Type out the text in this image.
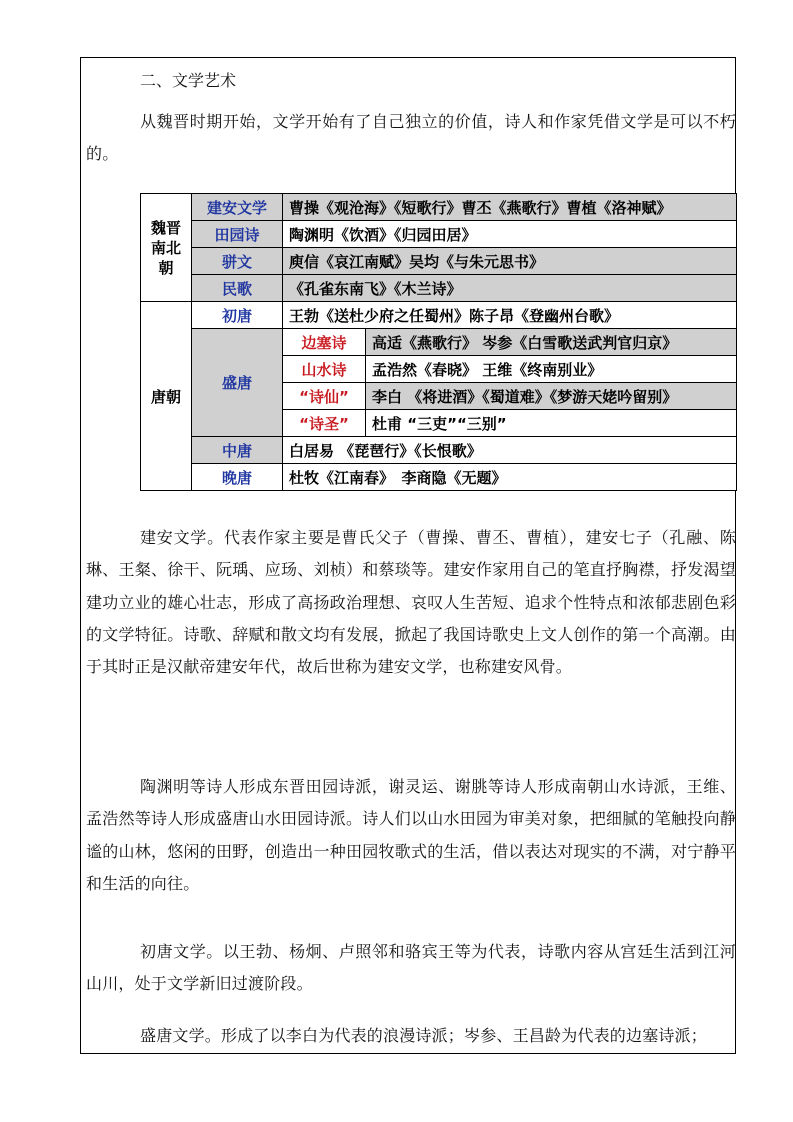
二、文学艺术
从魏晋时期开始，文学开始有了自己独立的价值，诗人和作家凭借文学是可以不朽的。
魏晋
南北
朝	建安文学	曹操《观沧海》《短歌行》曹丕《燕歌行》曹植《洛神赋》	
	田园诗	陶渊明《饮酒》《归园田居》	
	骈文	庾信《哀江南赋》吴均《与朱元思书》	
	民歌	《孔雀东南飞》《木兰诗》	
唐朝	初唐	王勃《送杜少府之任蜀州》陈子昂《登幽州台歌》	
	盛唐	边塞诗	高适《燕歌行》 岑参《白雪歌送武判官归京》
		山水诗	孟浩然《春晓》 王维《终南别业》
		“诗仙”	李白 《将进酒》《蜀道难》《梦游天姥吟留别》
		“诗圣”	杜甫 “三吏”“三别”
	中唐	白居易 《琵琶行》《长恨歌》	
	晚唐	杜牧《江南春》　李商隐《无题》	
建安文学。代表作家主要是曹氏父子（曹操、曹丕、曹植），建安七子（孔融、陈琳、王粲、徐干、阮瑀、应玚、刘桢）和蔡琰等。建安作家用自己的笔直抒胸襟，抒发渴望建功立业的雄心壮志，形成了高扬政治理想、哀叹人生苦短、追求个性特点和浓郁悲剧色彩的文学特征。诗歌、辞赋和散文均有发展，掀起了我国诗歌史上文人创作的第一个高潮。由于其时正是汉献帝建安年代，故后世称为建安文学，也称建安风骨。
陶渊明等诗人形成东晋田园诗派，谢灵运、谢朓等诗人形成南朝山水诗派，王维、孟浩然等诗人形成盛唐山水田园诗派。诗人们以山水田园为审美对象，把细腻的笔触投向静谧的山林，悠闲的田野，创造出一种田园牧歌式的生活，借以表达对现实的不满，对宁静平和生活的向往。
初唐文学。以王勃、杨炯、卢照邻和骆宾王等为代表，诗歌内容从宫廷生活到江河山川，处于文学新旧过渡阶段。
盛唐文学。形成了以李白为代表的浪漫诗派；岑参、王昌龄为代表的边塞诗派；
